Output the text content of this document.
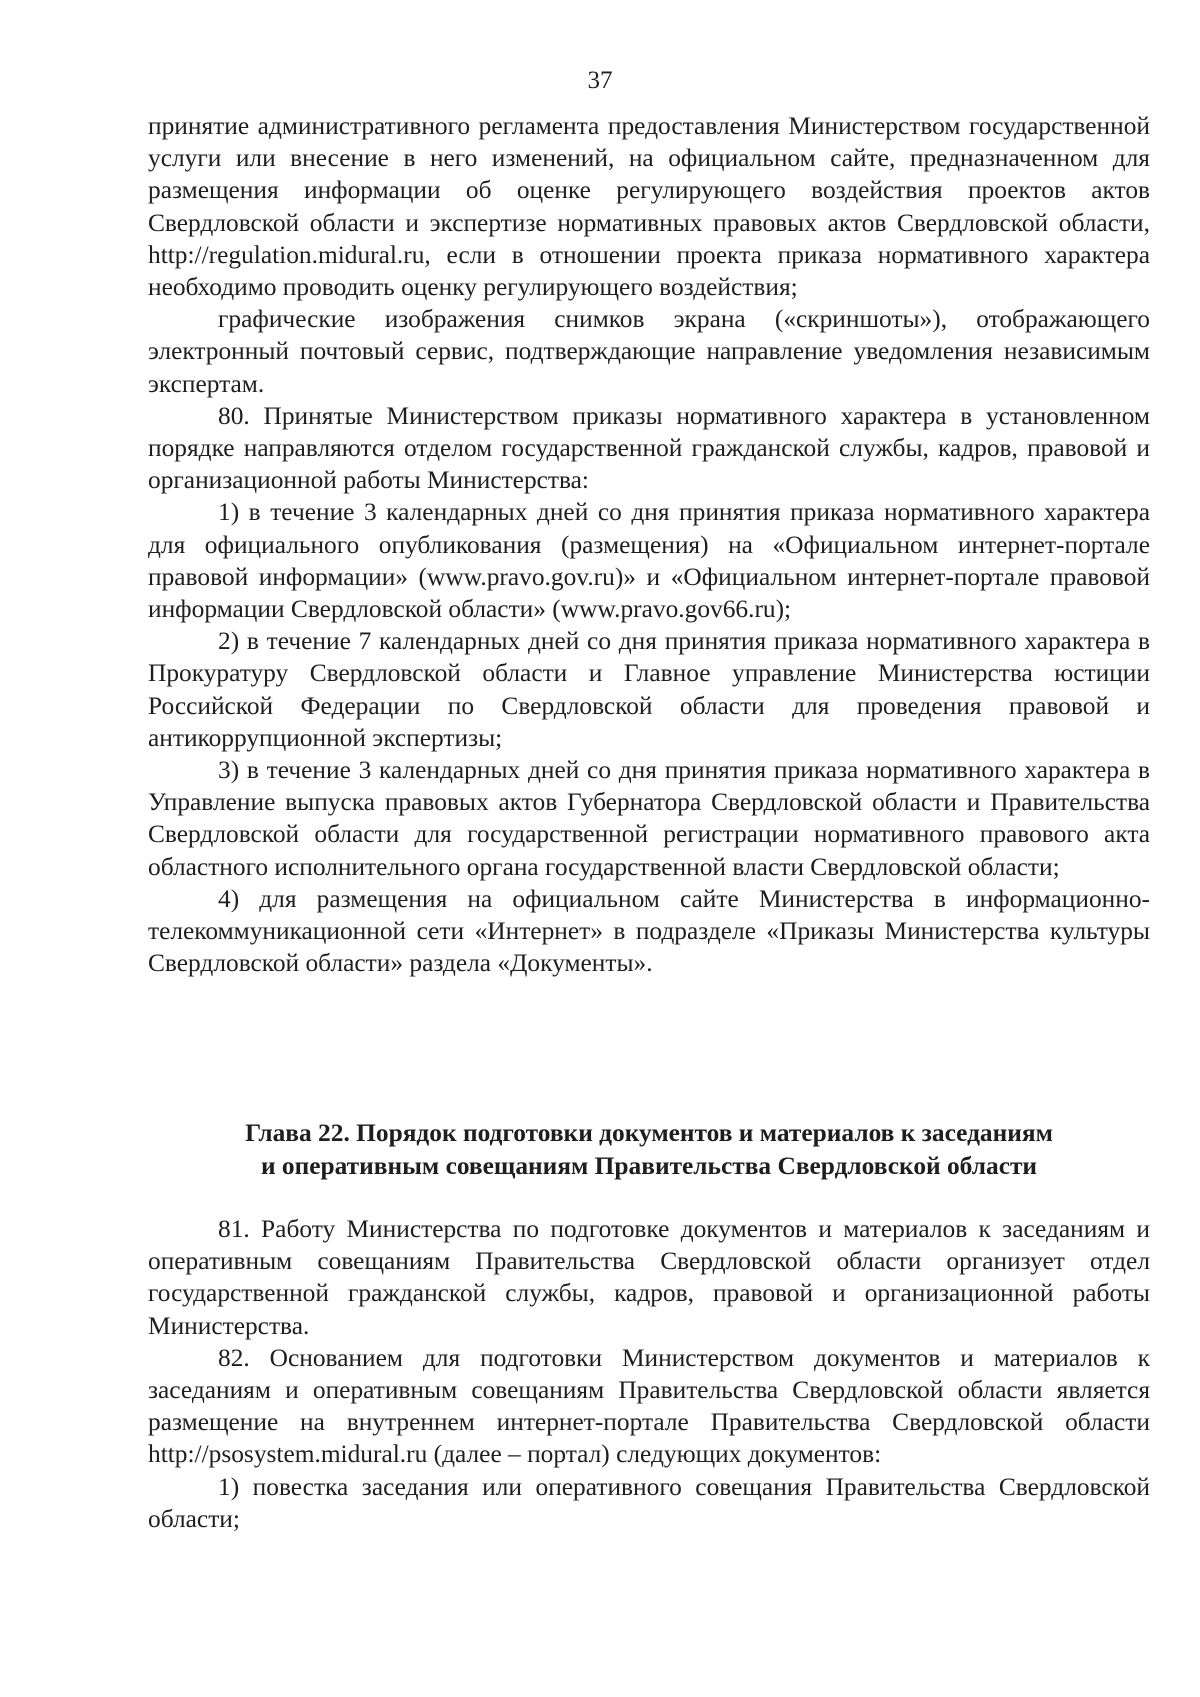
37

принятие административного регламента предоставления Министерством государственной услуги или внесение в него изменений, на официальном сайте, предназначенном для размещения информации об оценке регулирующего воздействия проектов актов Свердловской области и экспертизе нормативных правовых актов Свердловской области, http://regulation.midural.ru, если в отношении проекта приказа нормативного характера необходимо проводить оценку регулирующего воздействия;

графические изображения снимков экрана («скриншоты»), отображающего электронный почтовый сервис, подтверждающие направление уведомления независимым экспертам.

80. Принятые Министерством приказы нормативного характера в установленном порядке направляются отделом государственной гражданской службы, кадров, правовой и организационной работы Министерства:

1) в течение 3 календарных дней со дня принятия приказа нормативного характера для официального опубликования (размещения) на «Официальном интернет-портале правовой информации» (www.pravo.gov.ru)» и «Официальном интернет-портале правовой информации Свердловской области» (www.pravo.gov66.ru);

2) в течение 7 календарных дней со дня принятия приказа нормативного характера в Прокуратуру Свердловской области и Главное управление Министерства юстиции Российской Федерации по Свердловской области для проведения правовой и антикоррупционной экспертизы;

3) в течение 3 календарных дней со дня принятия приказа нормативного характера в Управление выпуска правовых актов Губернатора Свердловской области и Правительства Свердловской области для государственной регистрации нормативного правового акта областного исполнительного органа государственной власти Свердловской области;

4) для размещения на официальном сайте Министерства в информационно-телекоммуникационной сети «Интернет» в подразделе «Приказы Министерства культуры Свердловской области» раздела «Документы».

Глава 22. Порядок подготовки документов и материалов к заседаниям
и оперативным совещаниям Правительства Свердловской области

81. Работу Министерства по подготовке документов и материалов к заседаниям и оперативным совещаниям Правительства Свердловской области организует отдел государственной гражданской службы, кадров, правовой и организационной работы Министерства.

82. Основанием для подготовки Министерством документов и материалов к заседаниям и оперативным совещаниям Правительства Свердловской области является размещение на внутреннем интернет-портале Правительства Свердловской области http://psosystem.midural.ru (далее – портал) следующих документов:

1) повестка заседания или оперативного совещания Правительства Свердловской области;
